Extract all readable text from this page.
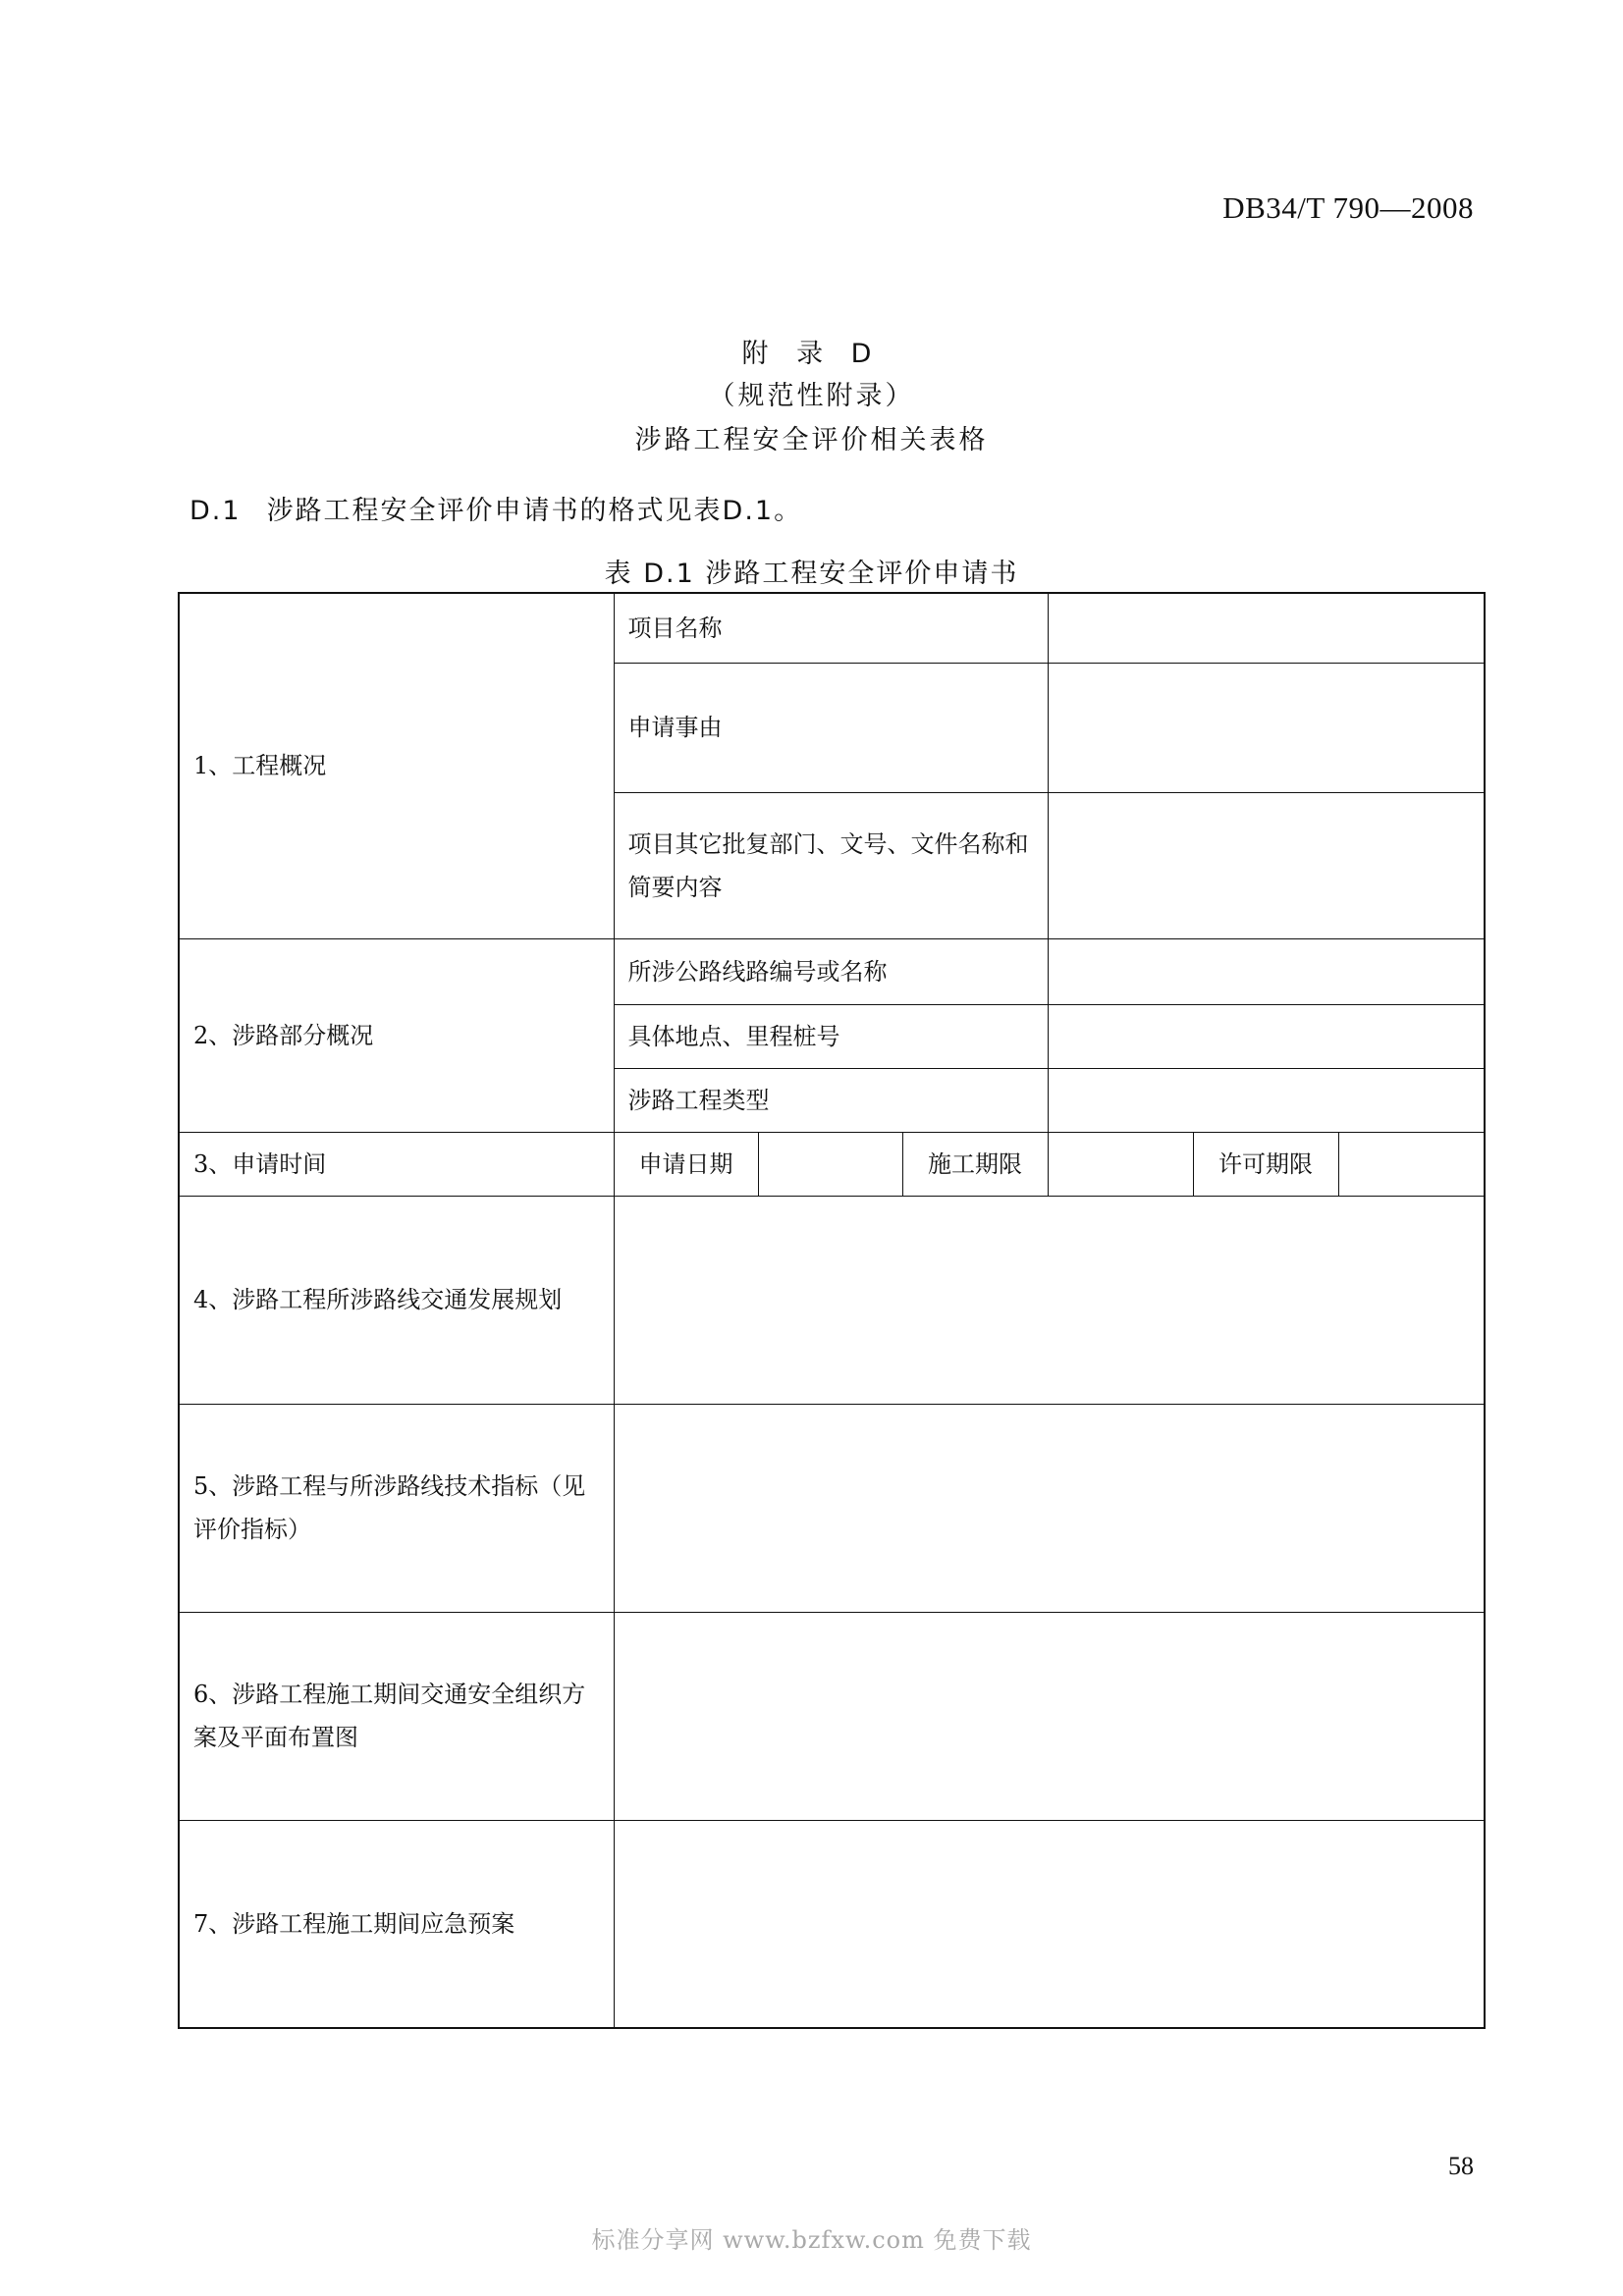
DB34/T 790—2008
附 录 D
（规范性附录）
涉路工程安全评价相关表格
D.1 涉路工程安全评价申请书的格式见表D.1。
表 D.1 涉路工程安全评价申请书
1、工程概况	项目名称					
	申请事由					
	项目其它批复部门、文号、文件名称和简要内容					
2、涉路部分概况	所涉公路线路编号或名称					
	具体地点、里程桩号					
	涉路工程类型					
3、申请时间	申请日期		施工期限		许可期限	
4、涉路工程所涉路线交通发展规划						
5、涉路工程与所涉路线技术指标（见评价指标）						
6、涉路工程施工期间交通安全组织方案及平面布置图						
7、涉路工程施工期间应急预案						
58
标准分享网 www.bzfxw.com 免费下载
